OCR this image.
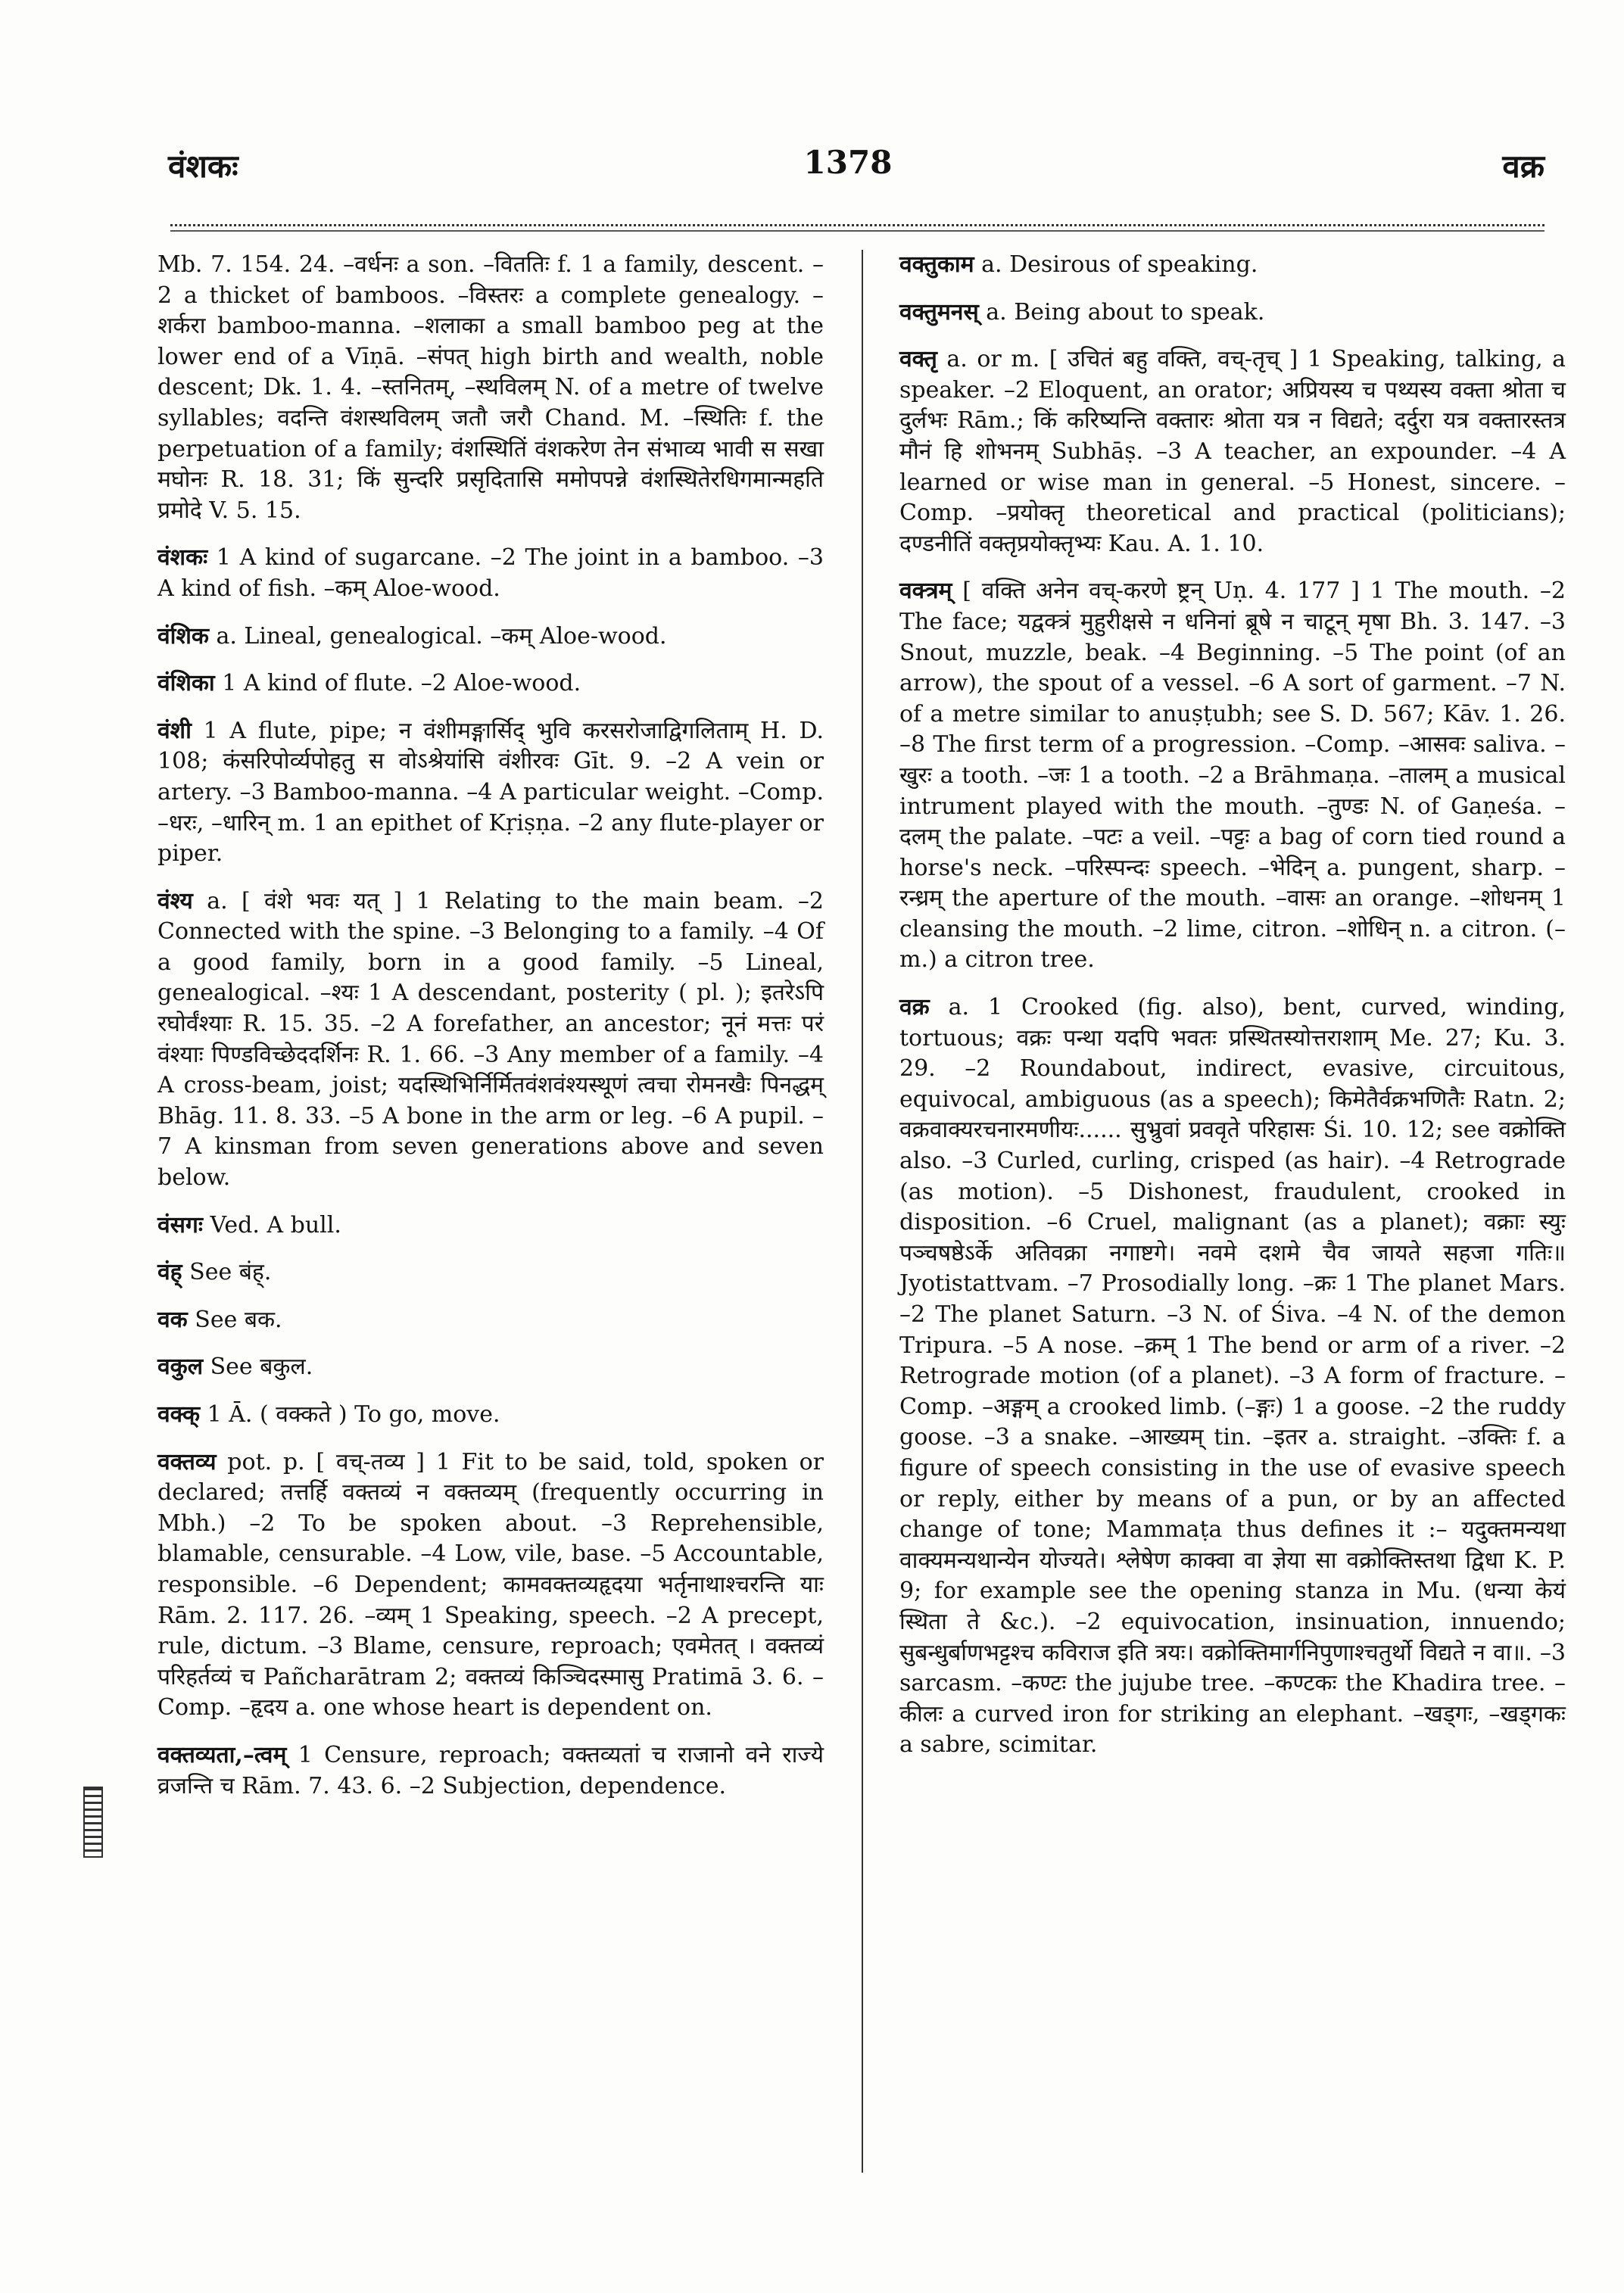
वंशकः	1378	वक्र

Mb. 7. 154. 24. –वर्धनः a son. –विततिः f. 1 a family, descent. –2 a thicket of bamboos. –विस्तरः a complete genealogy. –शर्करा bamboo-manna. –शलाका a small bamboo peg at the lower end of a Vīṇā. –संपत् high birth and wealth, noble descent; Dk. 1. 4. –स्तनितम्, –स्थविलम् N. of a metre of twelve syllables; वदन्ति वंशस्थविलम् जतौ जरौ Chand. M. –स्थितिः f. the perpetuation of a family; वंशस्थितिं वंशकरेण तेन संभाव्य भावी स सखा मघोनः R. 18. 31; किं सुन्दरि प्रसृदितासि ममोपपन्ने वंशस्थितेरधिगमान्महति प्रमोदे V. 5. 15.

वंशकः 1 A kind of sugarcane. –2 The joint in a bamboo. –3 A kind of fish. –कम् Aloe-wood.

वंशिक a. Lineal, genealogical. –कम् Aloe-wood.

वंशिका 1 A kind of flute. –2 Aloe-wood.

वंशी 1 A flute, pipe; न वंशीमङ्गार्सिद् भुवि करसरोजाद्विगलिताम् H. D. 108; कंसरिपोर्व्यपोहतु स वोऽश्रेयांसि वंशीरवः Gīt. 9. –2 A vein or artery. –3 Bamboo-manna. –4 A particular weight. –Comp. –धरः, –धारिन् m. 1 an epithet of Kṛiṣṇa. –2 any flute-player or piper.

वंश्य a. [ वंशे भवः यत् ] 1 Relating to the main beam. –2 Connected with the spine. –3 Belonging to a family. –4 Of a good family, born in a good family. –5 Lineal, genealogical. –श्यः 1 A descendant, posterity ( pl. ); इतरेऽपि रघोर्वंश्याः R. 15. 35. –2 A forefather, an ancestor; नूनं मत्तः परं वंश्याः पिण्डविच्छेददर्शिनः R. 1. 66. –3 Any member of a family. –4 A cross-beam, joist; यदस्थिभिर्निर्मितवंशवंश्यस्थूणं त्वचा रोमनखैः पिनद्धम् Bhāg. 11. 8. 33. –5 A bone in the arm or leg. –6 A pupil. –7 A kinsman from seven generations above and seven below.

वंसगः Ved. A bull.

वंह् See बंह्.

वक See बक.

वकुल See बकुल.

वक्क् 1 Ā. ( वक्कते ) To go, move.

वक्तव्य pot. p. [ वच्-तव्य ] 1 Fit to be said, told, spoken or declared; तत्तर्हि वक्तव्यं न वक्तव्यम् (frequently occurring in Mbh.) –2 To be spoken about. –3 Reprehensible, blamable, censurable. –4 Low, vile, base. –5 Accountable, responsible. –6 Dependent; कामवक्तव्यहृदया भर्तृनाथाश्चरन्ति याः Rām. 2. 117. 26. –व्यम् 1 Speaking, speech. –2 A precept, rule, dictum. –3 Blame, censure, reproach; एवमेतत् । वक्तव्यं परिहर्तव्यं च Pañcharātram 2; वक्तव्यं किञ्चिदस्मासु Pratimā 3. 6. –Comp. –हृदय a. one whose heart is dependent on.

वक्तव्यता,–त्वम् 1 Censure, reproach; वक्तव्यतां च राजानो वने राज्ये व्रजन्ति च Rām. 7. 43. 6. –2 Subjection, dependence.

वक्तुकाम a. Desirous of speaking.

वक्तुमनस् a. Being about to speak.

वक्तृ a. or m. [ उचितं बहु वक्ति, वच्-तृच् ] 1 Speaking, talking, a speaker. –2 Eloquent, an orator; अप्रियस्य च पथ्यस्य वक्ता श्रोता च दुर्लभः Rām.; किं करिष्यन्ति वक्तारः श्रोता यत्र न विद्यते; दर्दुरा यत्र वक्तारस्तत्र मौनं हि शोभनम् Subhāṣ. –3 A teacher, an expounder. –4 A learned or wise man in general. –5 Honest, sincere. –Comp. –प्रयोक्तृ theoretical and practical (politicians); दण्डनीतिं वक्तृप्रयोक्तृभ्यः Kau. A. 1. 10.

वक्त्रम् [ वक्ति अनेन वच्-करणे ष्ट्रन् Uṇ. 4. 177 ] 1 The mouth. –2 The face; यद्वक्त्रं मुहुरीक्षसे न धनिनां ब्रूषे न चाटून् मृषा Bh. 3. 147. –3 Snout, muzzle, beak. –4 Beginning. –5 The point (of an arrow), the spout of a vessel. –6 A sort of garment. –7 N. of a metre similar to anuṣṭubh; see S. D. 567; Kāv. 1. 26. –8 The first term of a progression. –Comp. –आसवः saliva. –खुरः a tooth. –जः 1 a tooth. –2 a Brāhmaṇa. –तालम् a musical intrument played with the mouth. –तुण्डः N. of Gaṇeśa. –दलम् the palate. –पटः a veil. –पट्टः a bag of corn tied round a horse's neck. –परिस्पन्दः speech. –भेदिन् a. pungent, sharp. –रन्ध्रम् the aperture of the mouth. –वासः an orange. –शोधनम् 1 cleansing the mouth. –2 lime, citron. –शोधिन् n. a citron. (–m.) a citron tree.

वक्र a. 1 Crooked (fig. also), bent, curved, winding, tortuous; वक्रः पन्था यदपि भवतः प्रस्थितस्योत्तराशाम् Me. 27; Ku. 3. 29. –2 Roundabout, indirect, evasive, circuitous, equivocal, ambiguous (as a speech); किमेतैर्वक्रभणितैः Ratn. 2; वक्रवाक्यरचनारमणीयः...... सुभ्रुवां प्रववृते परिहासः Śi. 10. 12; see वक्रोक्ति also. –3 Curled, curling, crisped (as hair). –4 Retrograde (as motion). –5 Dishonest, fraudulent, crooked in disposition. –6 Cruel, malignant (as a planet); वक्राः स्युः पञ्चषष्ठेऽर्के अतिवक्रा नगाष्टगे। नवमे दशमे चैव जायते सहजा गतिः॥ Jyotistattvam. –7 Prosodially long. –क्रः 1 The planet Mars. –2 The planet Saturn. –3 N. of Śiva. –4 N. of the demon Tripura. –5 A nose. –क्रम् 1 The bend or arm of a river. –2 Retrograde motion (of a planet). –3 A form of fracture. –Comp. –अङ्गम् a crooked limb. (–ङ्गः) 1 a goose. –2 the ruddy goose. –3 a snake. –आख्यम् tin. –इतर a. straight. –उक्तिः f. a figure of speech consisting in the use of evasive speech or reply, either by means of a pun, or by an affected change of tone; Mammaṭa thus defines it :– यदुक्तमन्यथा वाक्यमन्यथान्येन योज्यते। श्लेषेण काक्वा वा ज्ञेया सा वक्रोक्तिस्तथा द्विधा K. P. 9; for example see the opening stanza in Mu. (धन्या केयं स्थिता ते &c.). –2 equivocation, insinuation, innuendo; सुबन्धुर्बाणभट्टश्च कविराज इति त्रयः। वक्रोक्तिमार्गनिपुणाश्चतुर्थो विद्यते न वा॥. –3 sarcasm. –कण्टः the jujube tree. –कण्टकः the Khadira tree. –कीलः a curved iron for striking an elephant. –खड्गः, –खड्गकः a sabre, scimitar.
